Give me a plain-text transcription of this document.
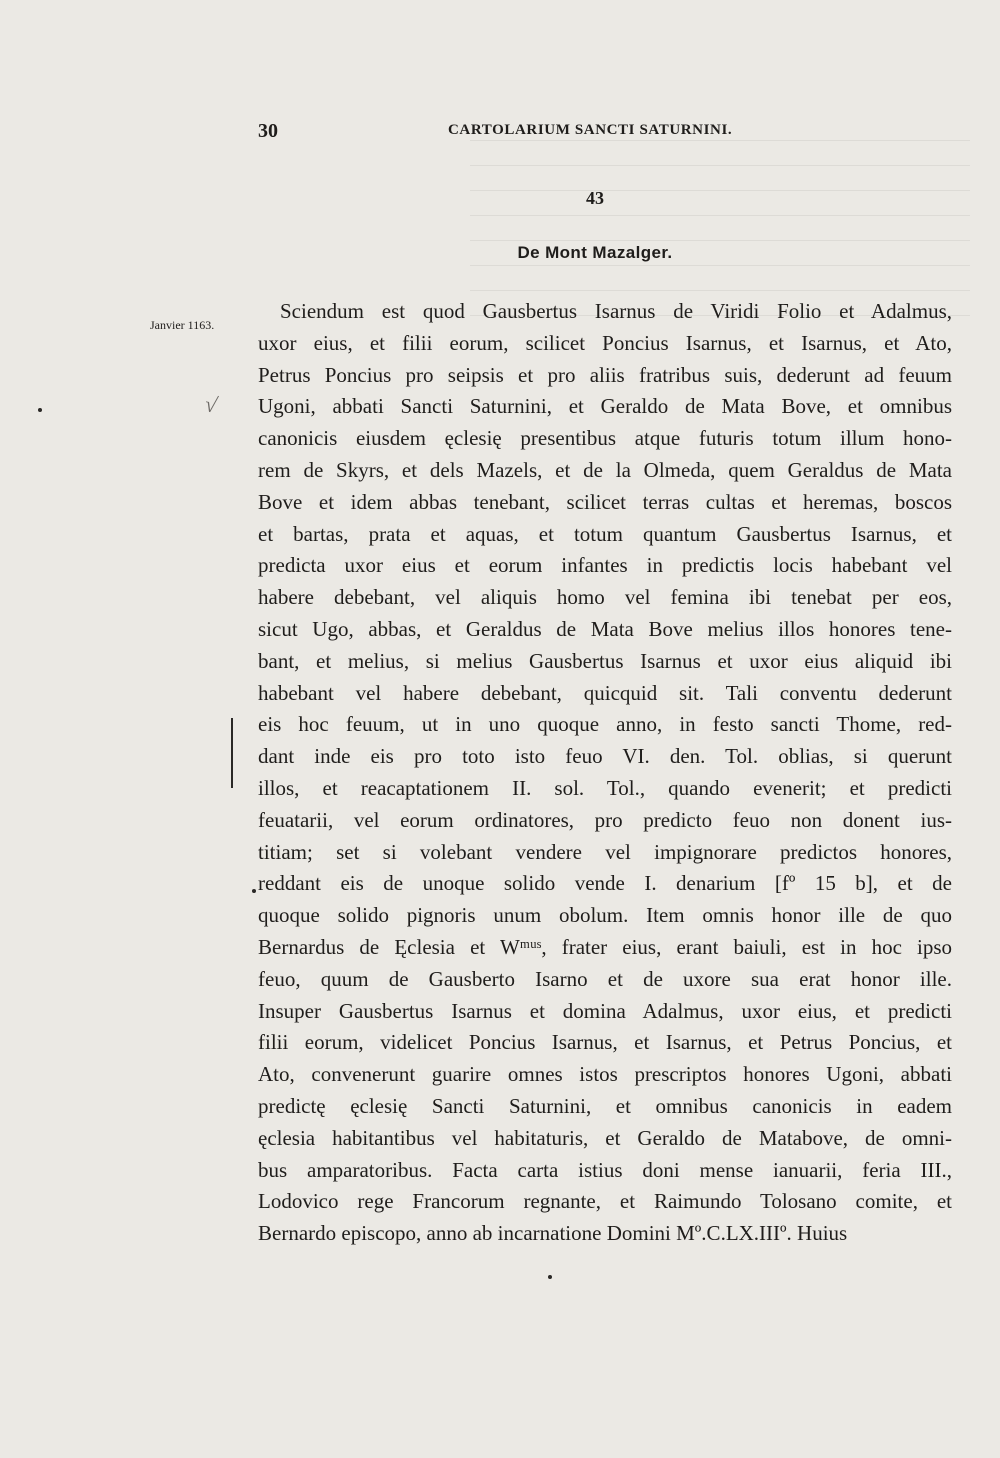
30	CARTOLARIUM SANCTI SATURNINI.
43
De Mont Mazalger.
Janvier 1163.
√
Sciendum est quod Gausbertus Isarnus de Viridi Folio et Adalmus,
uxor eius, et filii eorum, scilicet Poncius Isarnus, et Isarnus, et Ato,
Petrus Poncius pro seipsis et pro aliis fratribus suis, dederunt ad feuum
Ugoni, abbati Sancti Saturnini, et Geraldo de Mata Bove, et omnibus
canonicis eiusdem ęclesię presentibus atque futuris totum illum hono-
rem de Skyrs, et dels Mazels, et de la Olmeda, quem Geraldus de Mata
Bove et idem abbas tenebant, scilicet terras cultas et heremas, boscos
et bartas, prata et aquas, et totum quantum Gausbertus Isarnus, et
predicta uxor eius et eorum infantes in predictis locis habebant vel
habere debebant, vel aliquis homo vel femina ibi tenebat per eos,
sicut Ugo, abbas, et Geraldus de Mata Bove melius illos honores tene-
bant, et melius, si melius Gausbertus Isarnus et uxor eius aliquid ibi
habebant vel habere debebant, quicquid sit. Tali conventu dederunt
eis hoc feuum, ut in uno quoque anno, in festo sancti Thome, red-
dant inde eis pro toto isto feuo VI. den. Tol. oblias, si querunt
illos, et reacaptationem II. sol. Tol., quando evenerit; et predicti
feuatarii, vel eorum ordinatores, pro predicto feuo non donent ius-
titiam; set si volebant vendere vel impignorare predictos honores,
reddant eis de unoque solido vende I. denarium [fº 15 b], et de
quoque solido pignoris unum obolum. Item omnis honor ille de quo
Bernardus de Ęclesia et Wᵐᵘˢ, frater eius, erant baiuli, est in hoc ipso
feuo, quum de Gausberto Isarno et de uxore sua erat honor ille.
Insuper Gausbertus Isarnus et domina Adalmus, uxor eius, et predicti
filii eorum, videlicet Poncius Isarnus, et Isarnus, et Petrus Poncius, et
Ato, convenerunt guarire omnes istos prescriptos honores Ugoni, abbati
predictę ęclesię Sancti Saturnini, et omnibus canonicis in eadem
ęclesia habitantibus vel habitaturis, et Geraldo de Matabove, de omni-
bus amparatoribus. Facta carta istius doni mense ianuarii, feria III.,
Lodovico rege Francorum regnante, et Raimundo Tolosano comite, et
Bernardo episcopo, anno ab incarnatione Domini Mº.C.LX.IIIº. Huius
